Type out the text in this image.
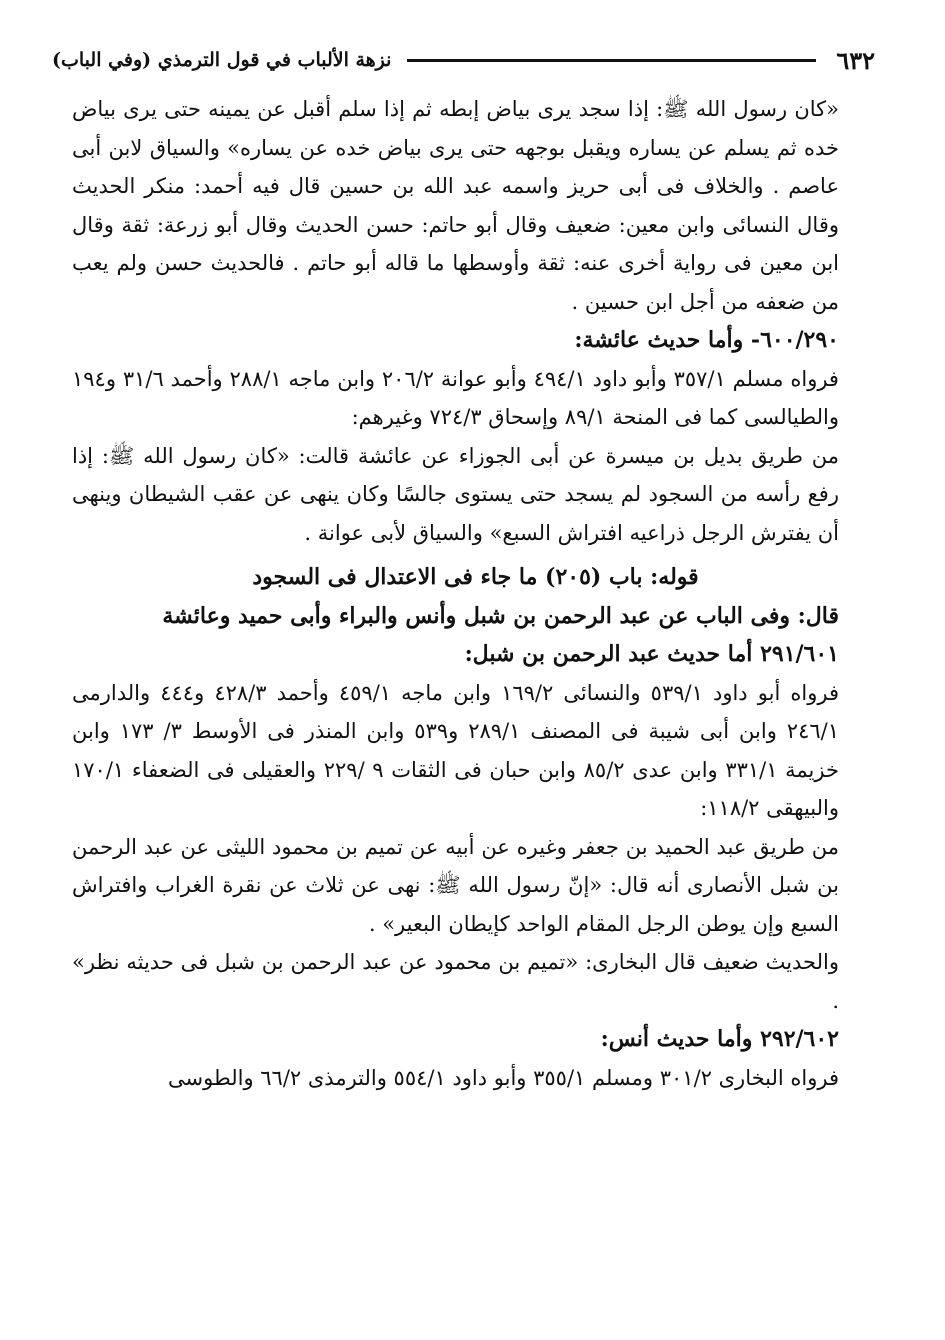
٦٣٢
نزهة الألباب في قول الترمذي (وفي الباب)

«كان رسول الله ﷺ: إذا سجد يرى بياض إبطه ثم إذا سلم أقبل عن يمينه حتى يرى بياض خده ثم يسلم عن يساره ويقبل بوجهه حتى يرى بياض خده عن يساره» والسياق لابن أبى عاصم . والخلاف فى أبى حريز واسمه عبد الله بن حسين قال فيه أحمد: منكر الحديث وقال النسائى وابن معين: ضعيف وقال أبو حاتم: حسن الحديث وقال أبو زرعة: ثقة وقال ابن معين فى رواية أخرى عنه: ثقة وأوسطها ما قاله أبو حاتم . فالحديث حسن ولم يعب من ضعفه من أجل ابن حسين .

٦٠٠/٢٩٠- وأما حديث عائشة:

فرواه مسلم ٣٥٧/١ وأبو داود ٤٩٤/١ وأبو عوانة ٢٠٦/٢ وابن ماجه ٢٨٨/١ وأحمد ٣١/٦ و١٩٤ والطيالسى كما فى المنحة ٨٩/١ وإسحاق ٧٢٤/٣ وغيرهم:

من طريق بديل بن ميسرة عن أبى الجوزاء عن عائشة قالت: «كان رسول الله ﷺ: إذا رفع رأسه من السجود لم يسجد حتى يستوى جالسًا وكان ينهى عن عقب الشيطان وينهى أن يفترش الرجل ذراعيه افتراش السبع» والسياق لأبى عوانة .

قوله: باب (٢٠٥) ما جاء فى الاعتدال فى السجود

قال: وفى الباب عن عبد الرحمن بن شبل وأنس والبراء وأبى حميد وعائشة

٢٩١/٦٠١ أما حديث عبد الرحمن بن شبل:

فرواه أبو داود ٥٣٩/١ والنسائى ١٦٩/٢ وابن ماجه ٤٥٩/١ وأحمد ٤٢٨/٣ و٤٤٤ والدارمى ٢٤٦/١ وابن أبى شيبة فى المصنف ٢٨٩/١ و٥٣٩ وابن المنذر فى الأوسط ٣/ ١٧٣ وابن خزيمة ٣٣١/١ وابن عدى ٨٥/٢ وابن حبان فى الثقات ٩ /٢٢٩ والعقيلى فى الضعفاء ١٧٠/١ والبيهقى ١١٨/٢:

من طريق عبد الحميد بن جعفر وغيره عن أبيه عن تميم بن محمود الليثى عن عبد الرحمن بن شبل الأنصارى أنه قال: «إنّ رسول الله ﷺ: نهى عن ثلاث عن نقرة الغراب وافتراش السبع وإن يوطن الرجل المقام الواحد كإيطان البعير» .

والحديث ضعيف قال البخارى: «تميم بن محمود عن عبد الرحمن بن شبل فى حديثه نظر» .

٢٩٢/٦٠٢ وأما حديث أنس:

فرواه البخارى ٣٠١/٢ ومسلم ٣٥٥/١ وأبو داود ٥٥٤/١ والترمذى ٦٦/٢ والطوسى
